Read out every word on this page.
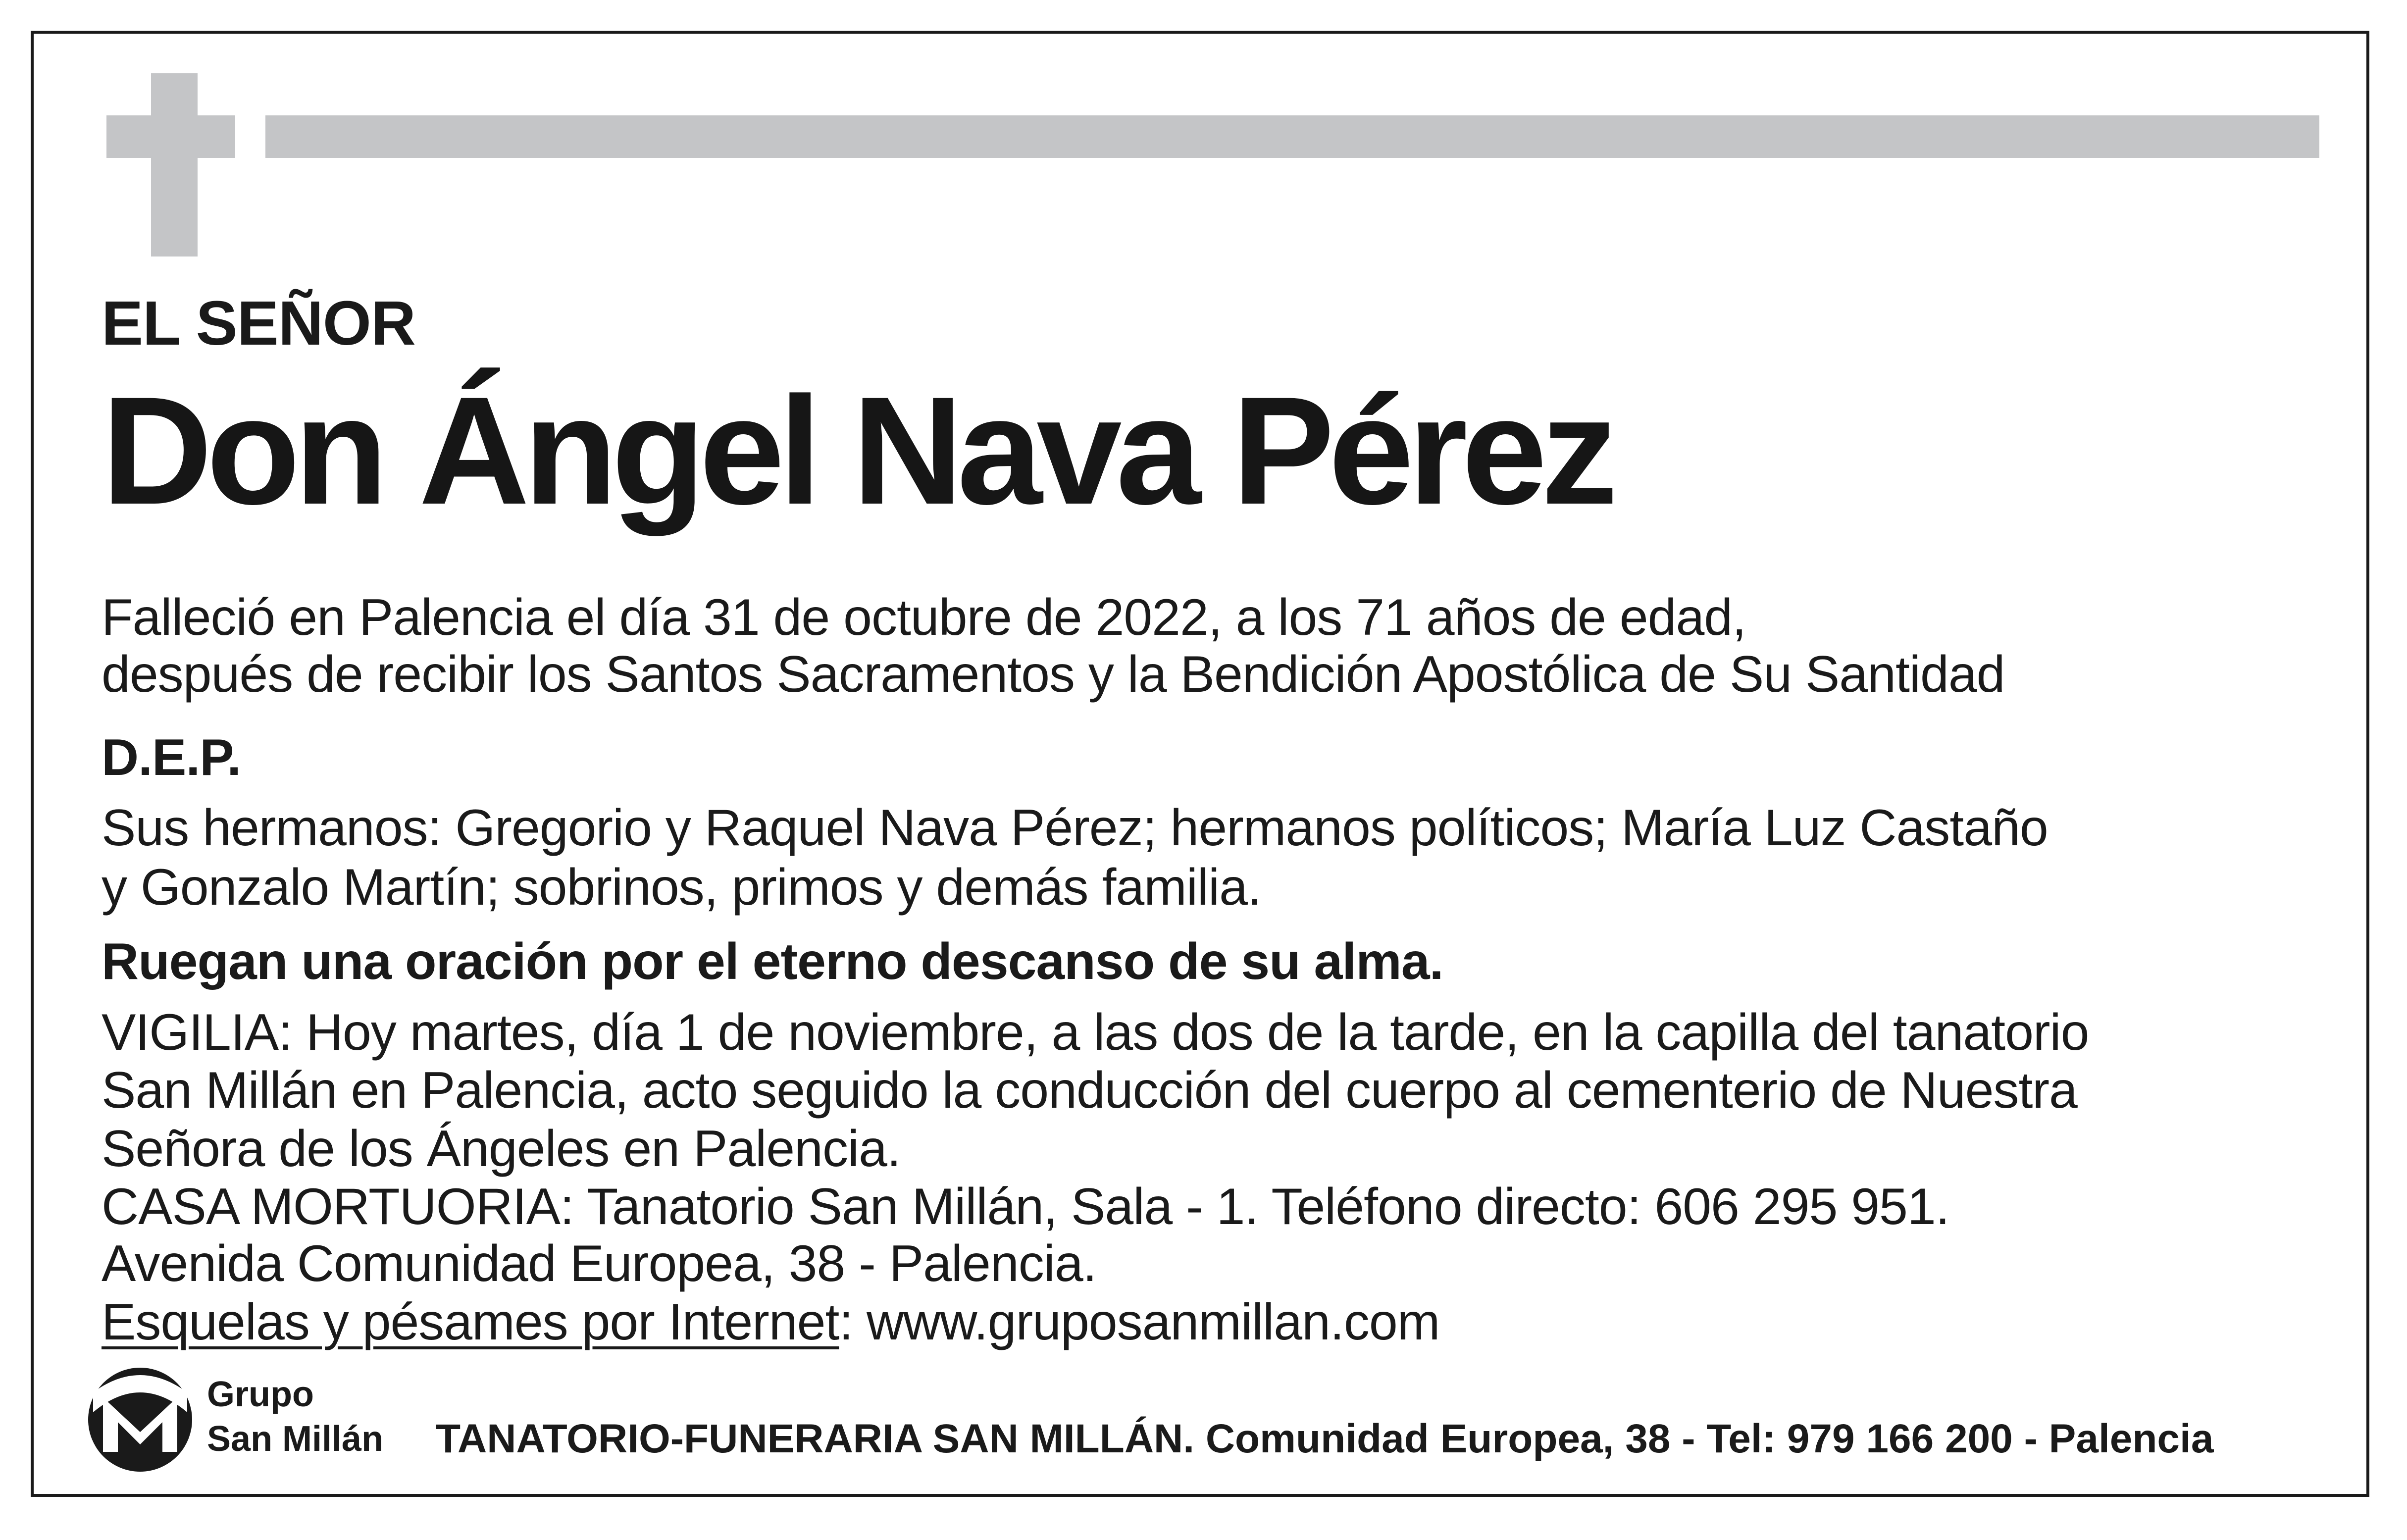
EL SEÑOR
Don Ángel Nava Pérez
Falleció en Palencia el día 31 de octubre de 2022, a los 71 años de edad,
después de recibir los Santos Sacramentos y la Bendición Apostólica de Su Santidad
D.E.P.
Sus hermanos: Gregorio y Raquel Nava Pérez; hermanos políticos; María Luz Castaño
y Gonzalo Martín; sobrinos, primos y demás familia.
Ruegan una oración por el eterno descanso de su alma.
VIGILIA: Hoy martes, día 1 de noviembre, a las dos de la tarde, en la capilla del tanatorio
San Millán en Palencia, acto seguido la conducción del cuerpo al cementerio de Nuestra
Señora de los Ángeles en Palencia.
CASA MORTUORIA: Tanatorio San Millán, Sala - 1. Teléfono directo: 606 295 951.
Avenida Comunidad Europea, 38 - Palencia.
Esquelas y pésames por Internet: www.gruposanmillan.com
Grupo
San Millán TANATORIO-FUNERARIA SAN MILLÁN. Comunidad Europea, 38 - Tel: 979 166 200 - Palencia
